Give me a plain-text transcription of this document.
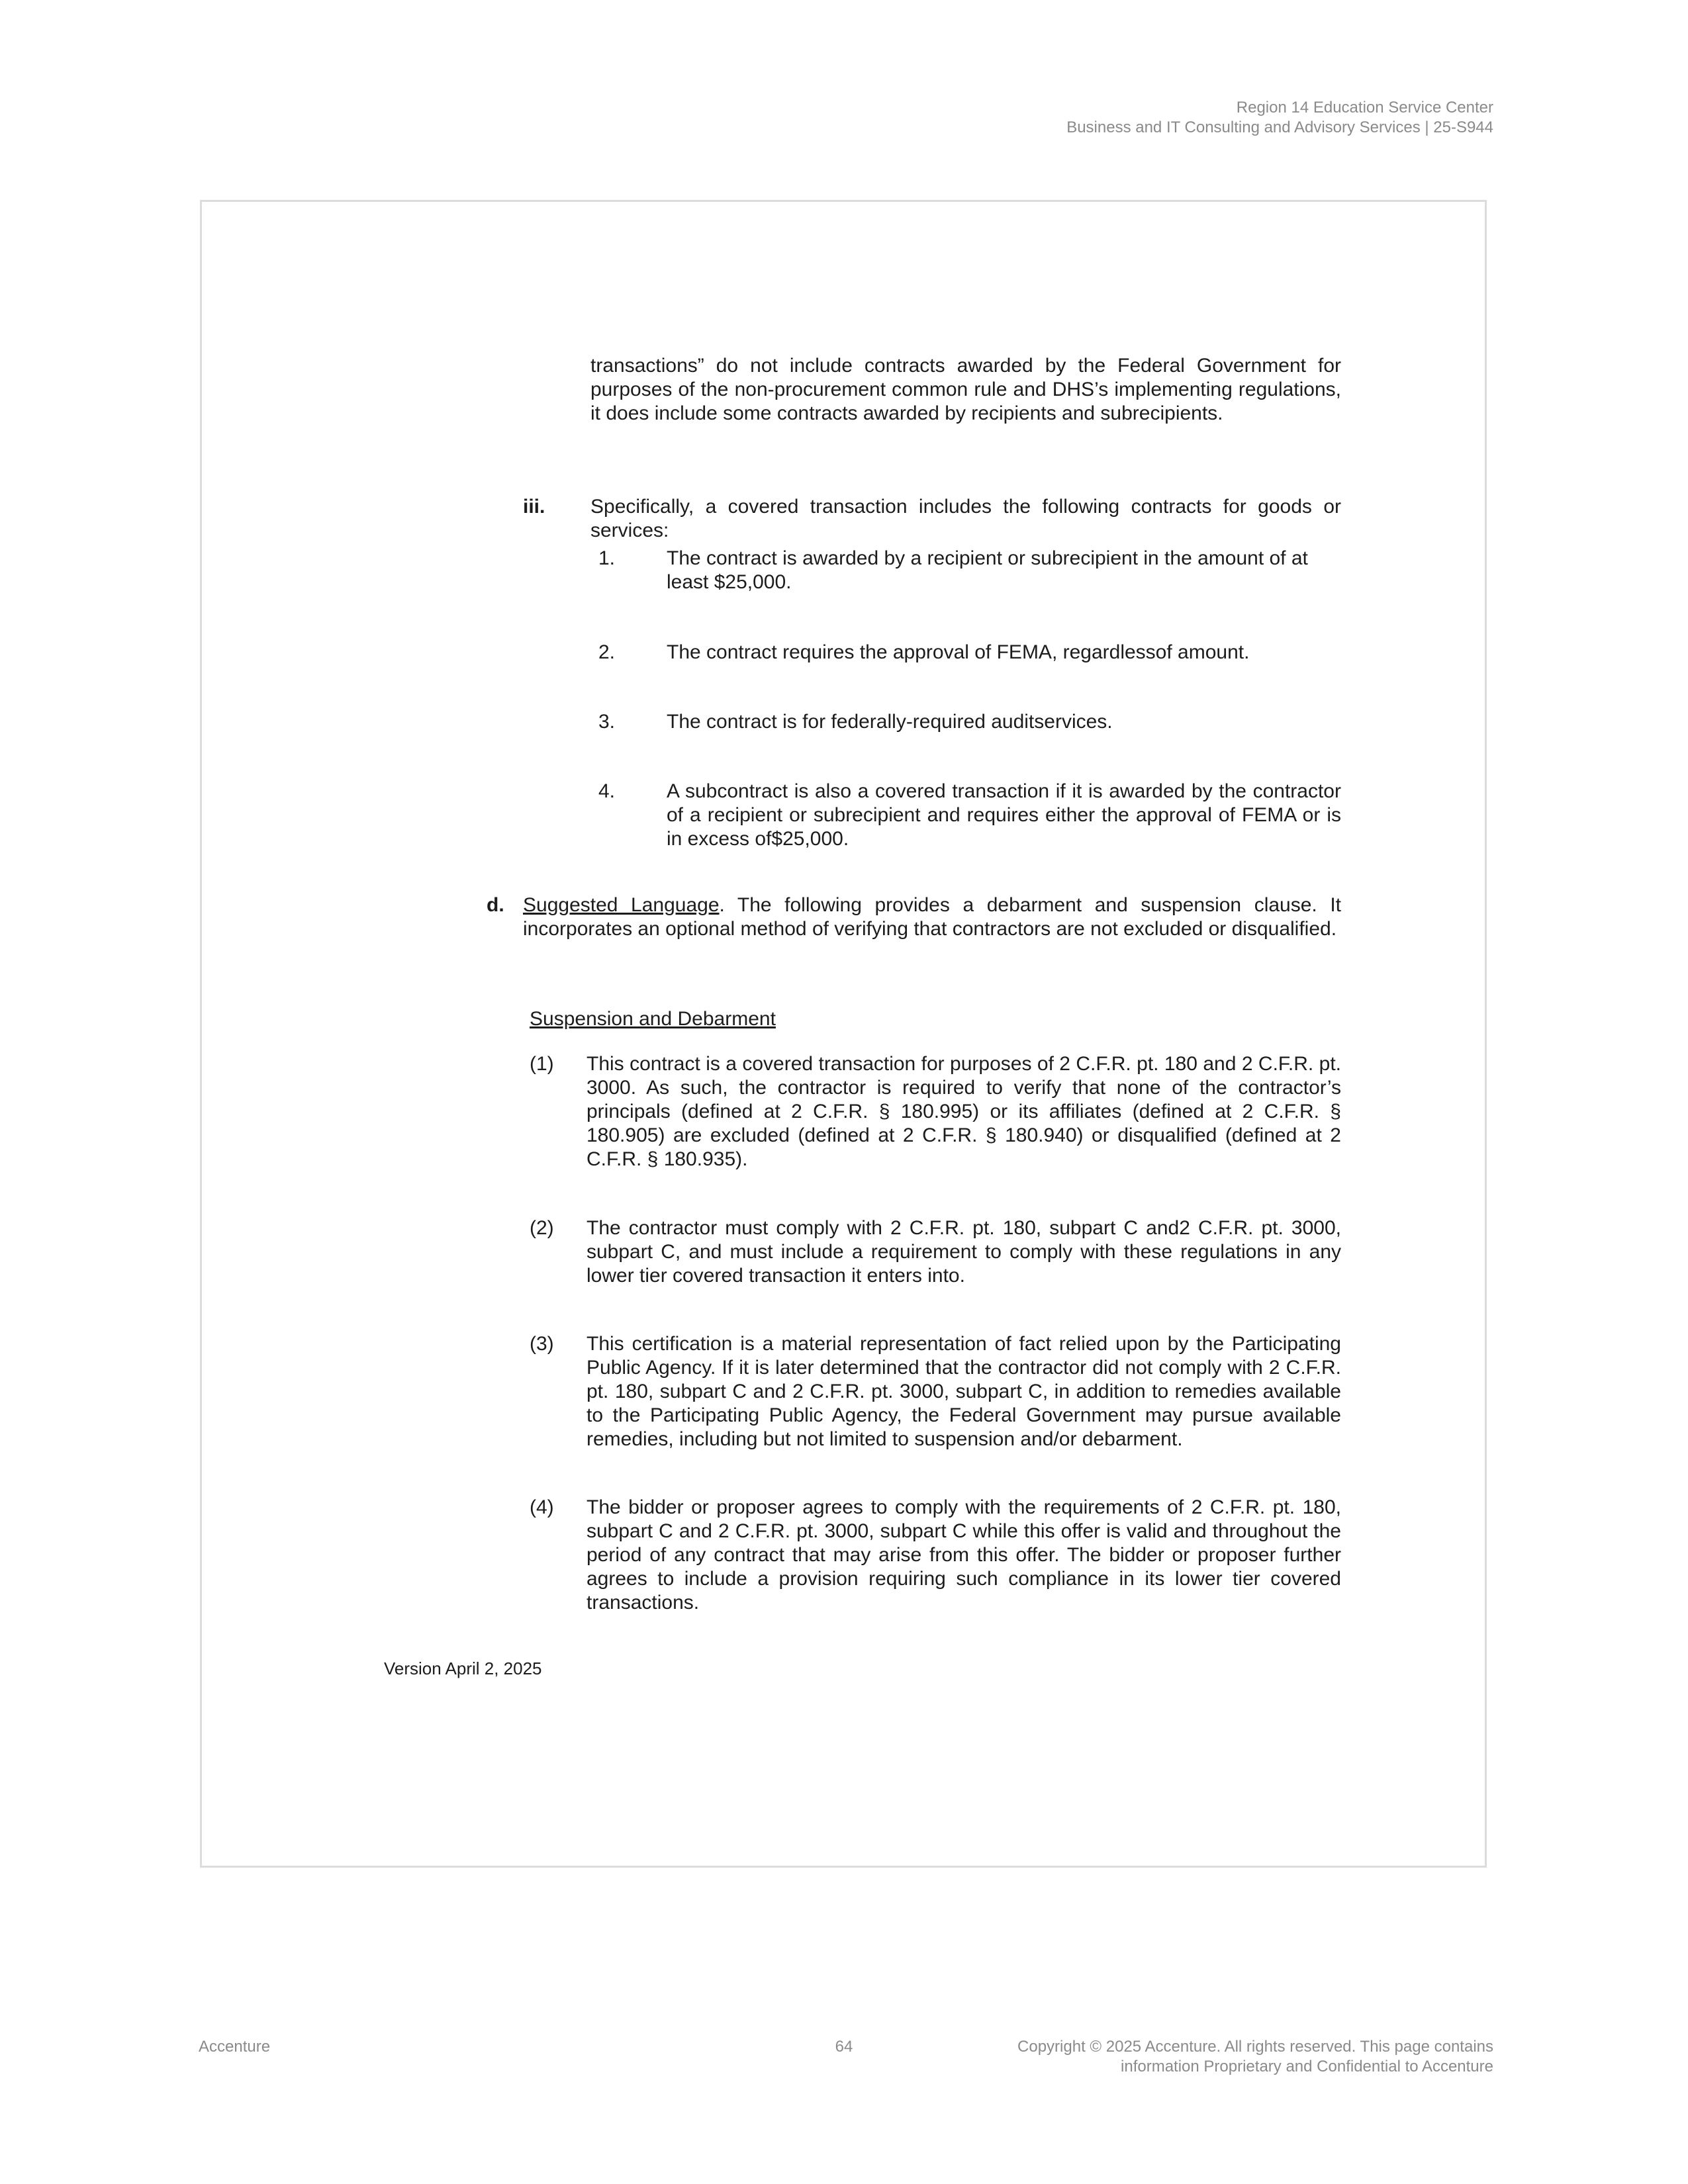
Region 14 Education Service Center
Business and IT Consulting and Advisory Services | 25-S944
transactions” do not include contracts awarded by the Federal Government for purposes of the non-procurement common rule and DHS’s implementing regulations, it does include some contracts awarded by recipients and subrecipients.
iii. Specifically, a covered transaction includes the following contracts for goods or services:
1.	The contract is awarded by a recipient or subrecipient in the amount of at least $25,000.
2.	The contract requires the approval of FEMA, regardlessof amount.
3.	The contract is for federally-required auditservices.
4.	A subcontract is also a covered transaction if it is awarded by the contractor of a recipient or subrecipient and requires either the approval of FEMA or is in excess of$25,000.
d. Suggested Language. The following provides a debarment and suspension clause. It incorporates an optional method of verifying that contractors are not excluded or disqualified.
Suspension and Debarment
(1) This contract is a covered transaction for purposes of 2 C.F.R. pt. 180 and 2 C.F.R. pt. 3000. As such, the contractor is required to verify that none of the contractor’s principals (defined at 2 C.F.R. § 180.995) or its affiliates (defined at 2 C.F.R. § 180.905) are excluded (defined at 2 C.F.R. § 180.940) or disqualified (defined at 2 C.F.R. § 180.935).
(2) The contractor must comply with 2 C.F.R. pt. 180, subpart C and2 C.F.R. pt. 3000, subpart C, and must include a requirement to comply with these regulations in any lower tier covered transaction it enters into.
(3) This certification is a material representation of fact relied upon by the Participating Public Agency. If it is later determined that the contractor did not comply with 2 C.F.R. pt. 180, subpart C and 2 C.F.R. pt. 3000, subpart C, in addition to remedies available to the Participating Public Agency, the Federal Government may pursue available remedies, including but not limited to suspension and/or debarment.
(4) The bidder or proposer agrees to comply with the requirements of 2 C.F.R. pt. 180, subpart C and 2 C.F.R. pt. 3000, subpart C while this offer is valid and throughout the period of any contract that may arise from this offer. The bidder or proposer further agrees to include a provision requiring such compliance in its lower tier covered transactions.
Version April 2, 2025
Accenture	64	Copyright © 2025 Accenture. All rights reserved. This page contains
information Proprietary and Confidential to Accenture
